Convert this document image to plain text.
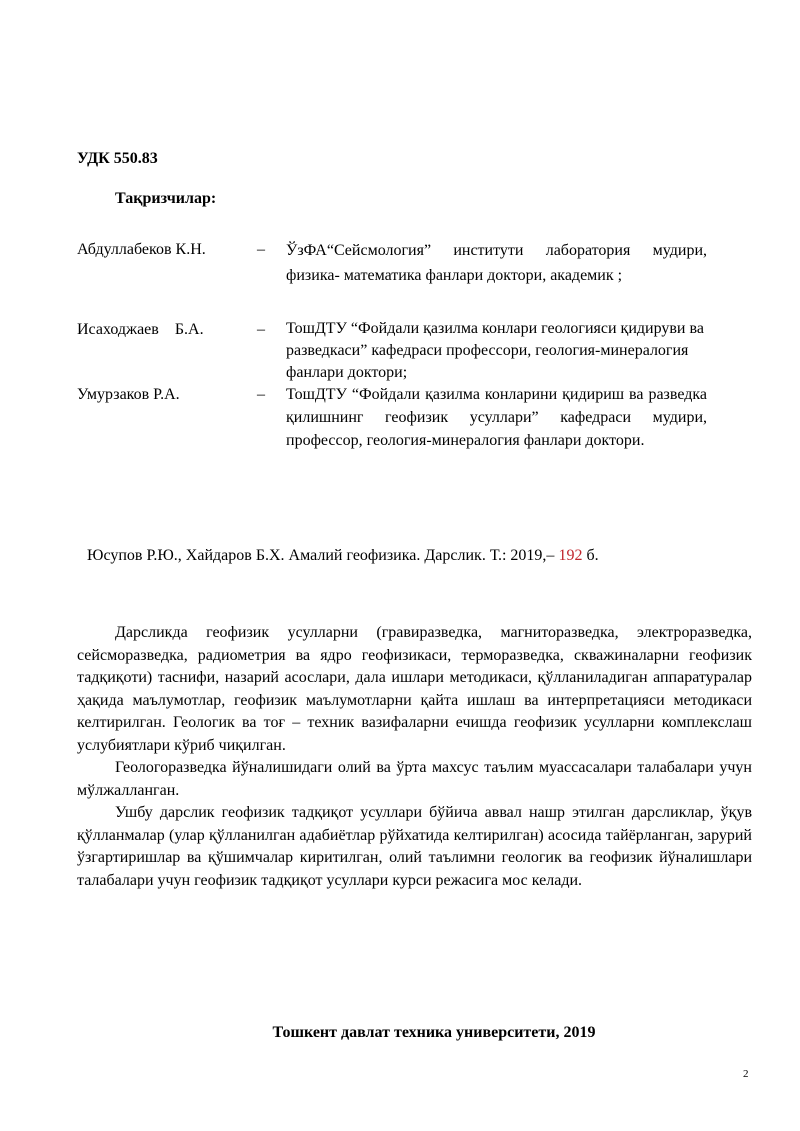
УДК 550.83
Тақризчилар:
Абдуллабеков К.Н.	– ЎзФА“Сейсмология” институти лаборатория мудири, физика- математика фанлари доктори, академик ;
Исаходжаев    Б.А.	– ТошДТУ “Фойдали қазилма конлари геологияси қидируви ва разведкаси” кафедраси профессори, геология-минералогия фанлари доктори;
Умурзаков Р.А.	– ТошДТУ “Фойдали қазилма конларини қидириш ва разведка қилишнинг геофизик усуллари” кафедраси мудири, профессор, геология-минералогия фанлари доктори.
Юсупов Р.Ю., Хайдаров Б.Х. Амалий геофизика. Дарслик. Т.: 2019,– 192 б.

Дарсликда геофизик усулларни (гравиразведка, магниторазведка, электроразведка, сейсморазведка, радиометрия ва ядро геофизикаси, терморазведка, скважиналарни геофизик тадқиқоти) таснифи, назарий асослари, дала ишлари методикаси, қўлланиладиган аппаратуралар ҳақида маълумотлар, геофизик маълумотларни қайта ишлаш ва интерпретацияси методикаси келтирилган. Геологик ва тоғ – техник вазифаларни ечишда геофизик усулларни комплекслаш услубиятлари кўриб чиқилган.

Геологоразведка йўналишидаги олий ва ўрта махсус таълим муассасалари талабалари учун мўлжалланган.

Ушбу дарслик геофизик тадқиқот усуллари бўйича аввал нашр этилган дарсликлар, ўқув қўлланмалар (улар қўлланилган адабиётлар рўйхатида келтирилган) асосида тайёрланган, зарурий ўзгартиришлар ва қўшимчалар киритилган, олий таълимни геологик ва геофизик йўналишлари талабалари учун геофизик тадқиқот усуллари курси режасига мос келади.

Тошкент давлат техника университети, 2019
2
